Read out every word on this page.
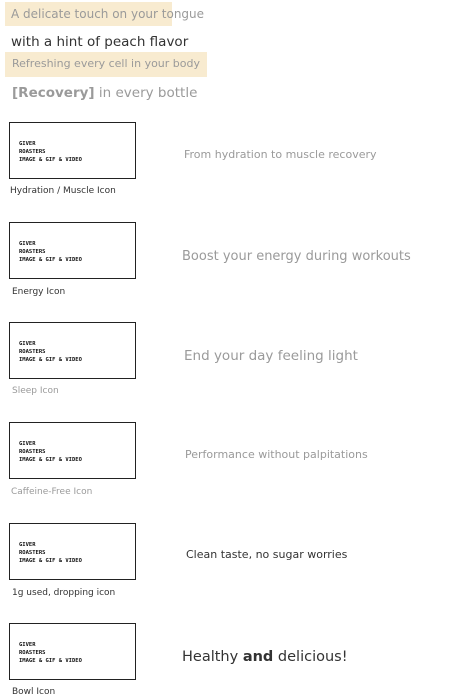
A delicate touch on your tongue
with a hint of peach flavor
Refreshing every cell in your body
[Recovery] in every bottle
GIVER
ROASTERS
IMAGE & GIF & VIDEO
Hydration / Muscle Icon
From hydration to muscle recovery
GIVER
ROASTERS
IMAGE & GIF & VIDEO
Energy Icon
Boost your energy during workouts
GIVER
ROASTERS
IMAGE & GIF & VIDEO
Sleep Icon
End your day feeling light
GIVER
ROASTERS
IMAGE & GIF & VIDEO
Caffeine-Free Icon
Performance without palpitations
GIVER
ROASTERS
IMAGE & GIF & VIDEO
1g used, dropping icon
Clean taste, no sugar worries
GIVER
ROASTERS
IMAGE & GIF & VIDEO
Bowl Icon
Healthy and delicious!
